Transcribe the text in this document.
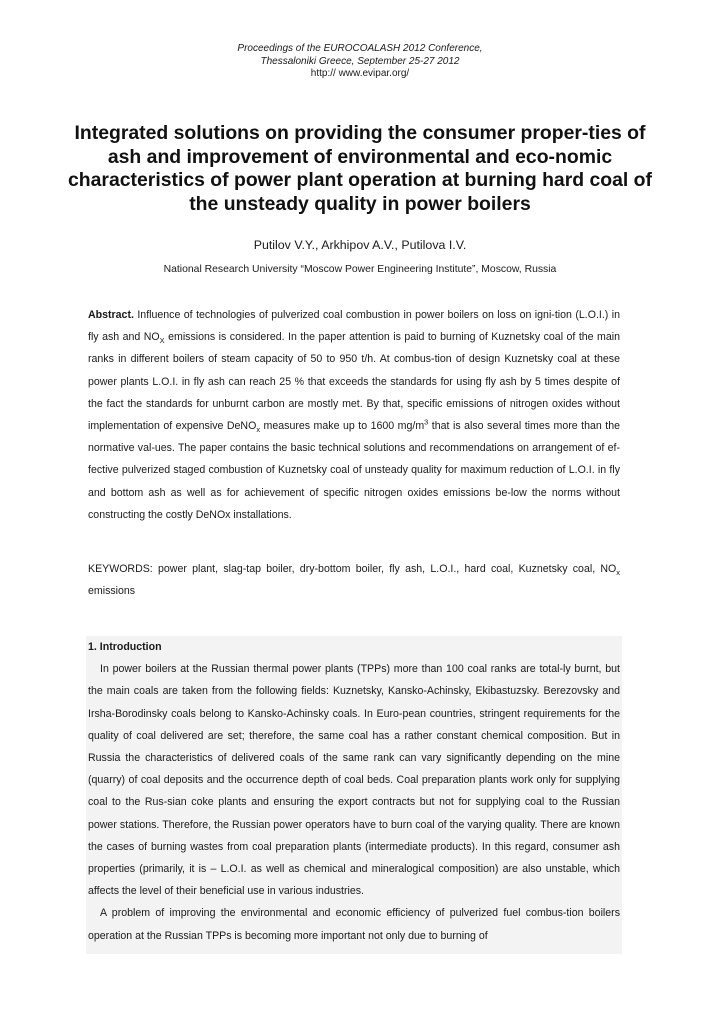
Proceedings of the EUROCOALASH 2012 Conference,
Thessaloniki Greece, September 25-27 2012
http:// www.evipar.org/
Integrated solutions on providing the consumer proper-ties of ash and improvement of environmental and eco-nomic characteristics of power plant operation at burning hard coal of the unsteady quality in power boilers
Putilov V.Y., Arkhipov A.V., Putilova I.V.
National Research University “Moscow Power Engineering Institute”, Moscow, Russia
Abstract. Influence of technologies of pulverized coal combustion in power boilers on loss on igni-tion (L.O.I.) in fly ash and $NO_X$ emissions is considered. In the paper attention is paid to burning of Kuznetsky coal of the main ranks in different boilers of steam capacity of 50 to 950 t/h. At combus-tion of design Kuznetsky coal at these power plants L.O.I. in fly ash can reach 25 % that exceeds the standards for using fly ash by 5 times despite of the fact the standards for unburnt carbon are mostly met. By that, specific emissions of nitrogen oxides without implementation of expensive DeNO$_x$ measures make up to 1600 $mg/m^3$ that is also several times more than the normative val-ues. The paper contains the basic technical solutions and recommendations on arrangement of ef-fective pulverized staged combustion of Kuznetsky coal of unsteady quality for maximum reduction of L.O.I. in fly and bottom ash as well as for achievement of specific nitrogen oxides emissions be-low the norms without constructing the costly DeNOx installations.
KEYWORDS: power plant, slag-tap boiler, dry-bottom boiler, fly ash, L.O.I., hard coal, Kuznetsky coal, $NO_x$ emissions
1. Introduction

In power boilers at the Russian thermal power plants (TPPs) more than 100 coal ranks are total-ly burnt, but the main coals are taken from the following fields: Kuznetsky, Kansko-Achinsky, Ekibastuzsky. Berezovsky and Irsha-Borodinsky coals belong to Kansko-Achinsky coals. In Euro-pean countries, stringent requirements for the quality of coal delivered are set; therefore, the same coal has a rather constant chemical composition. But in Russia the characteristics of delivered coals of the same rank can vary significantly depending on the mine (quarry) of coal deposits and the occurrence depth of coal beds. Coal preparation plants work only for supplying coal to the Rus-sian coke plants and ensuring the export contracts but not for supplying coal to the Russian power stations. Therefore, the Russian power operators have to burn coal of the varying quality. There are known the cases of burning wastes from coal preparation plants (intermediate products). In this regard, consumer ash properties (primarily, it is – L.O.I. as well as chemical and mineralogical composition) are also unstable, which affects the level of their beneficial use in various industries.

A problem of improving the environmental and economic efficiency of pulverized fuel combus-tion boilers operation at the Russian TPPs is becoming more important not only due to burning of
